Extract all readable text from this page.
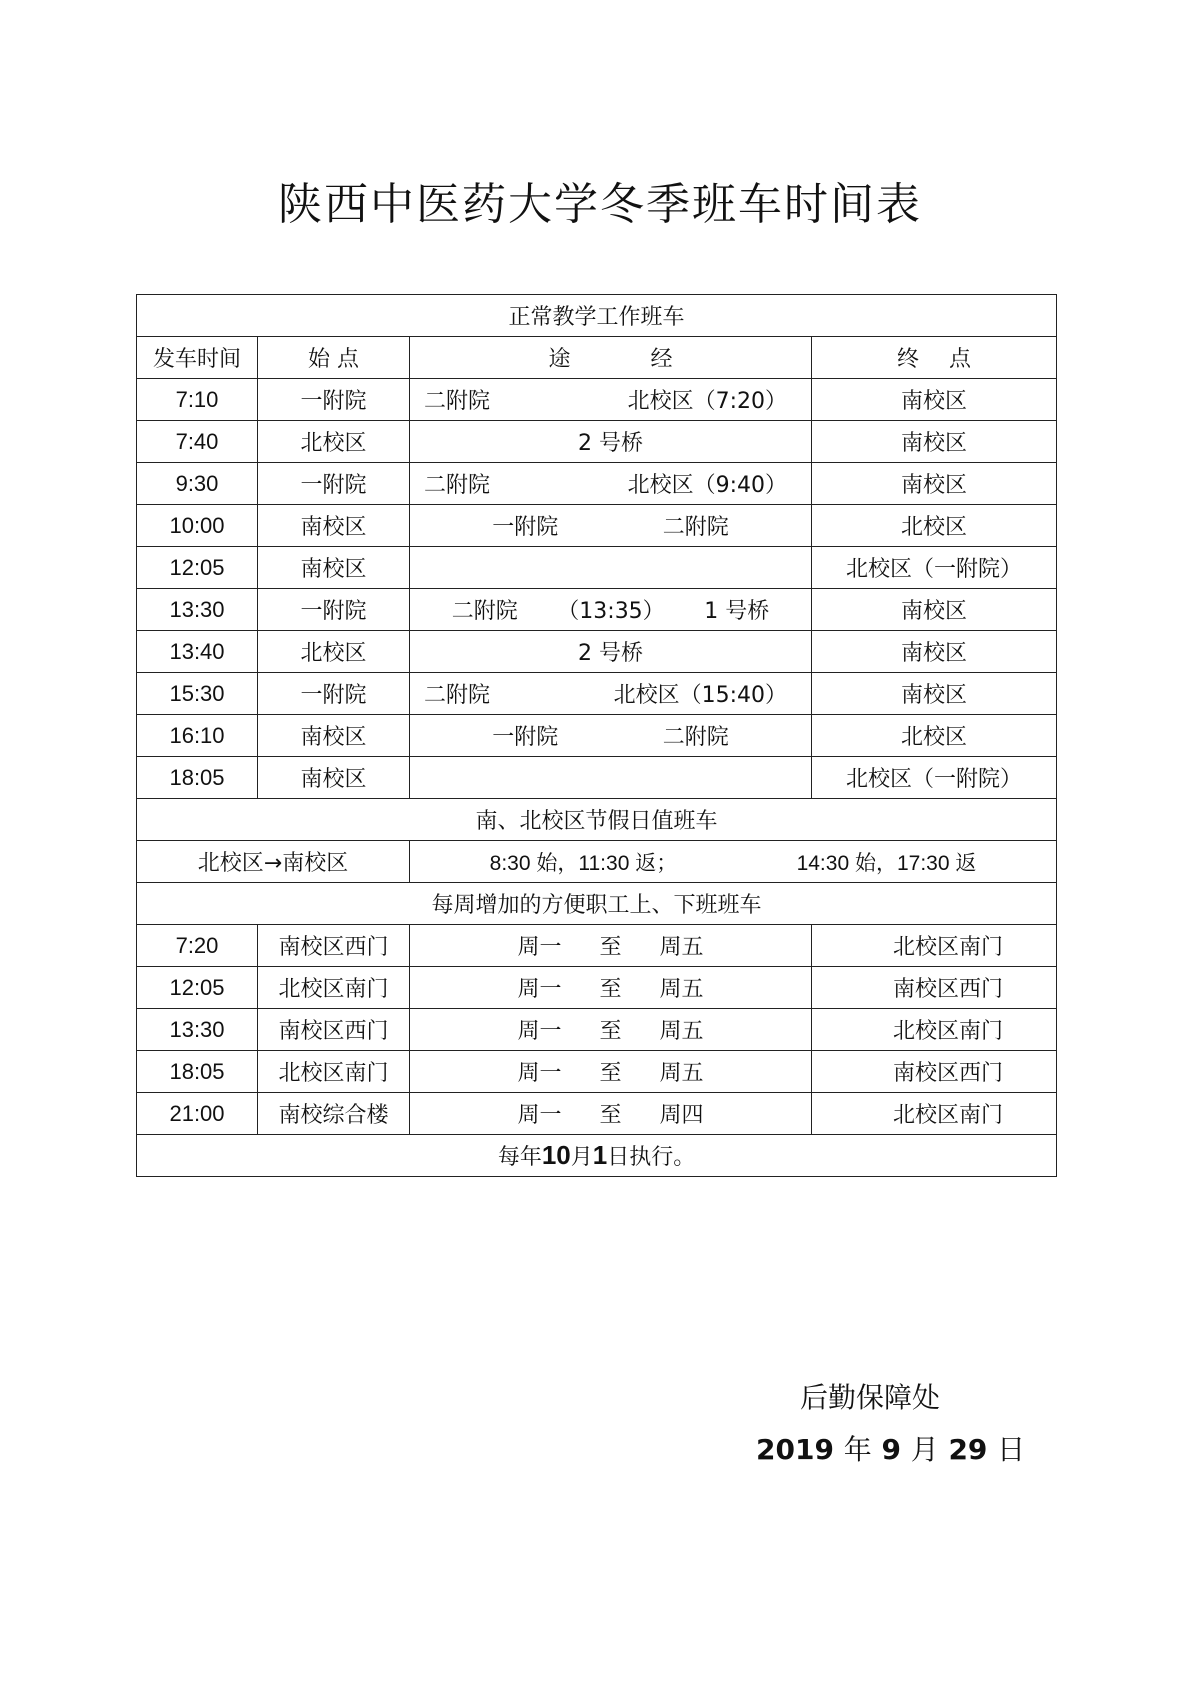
陕西中医药大学冬季班车时间表
正常教学工作班车			
发车时间	始 点	途 经	终 点
7:10	一附院	二附院 北校区（7:20）	南校区
7:40	北校区	2 号桥	南校区
9:30	一附院	二附院 北校区（9:40）	南校区
10:00	南校区	一附院 二附院	北校区
12:05	南校区		北校区（一附院）
13:30	一附院	二附院 （13:35） 1 号桥	南校区
13:40	北校区	2 号桥	南校区
15:30	一附院	二附院 北校区（15:40）	南校区
16:10	南校区	一附院 二附院	北校区
18:05	南校区		北校区（一附院）
南、北校区节假日值班车			
北校区→南校区		8:30 始，11:30 返； 14:30 始，17:30 返	

每周增加的方便职工上、下班班车			
7:20	南校区西门	周一 至 周五	北校区南门
12:05	北校区南门	周一 至 周五	南校区西门
13:30	南校区西门	周一 至 周五	北校区南门
18:05	北校区南门	周一 至 周五	南校区西门
21:00	南校综合楼	周一 至 周四	北校区南门
每年10月1日执行。			
后勤保障处
2019 年 9 月 29 日
